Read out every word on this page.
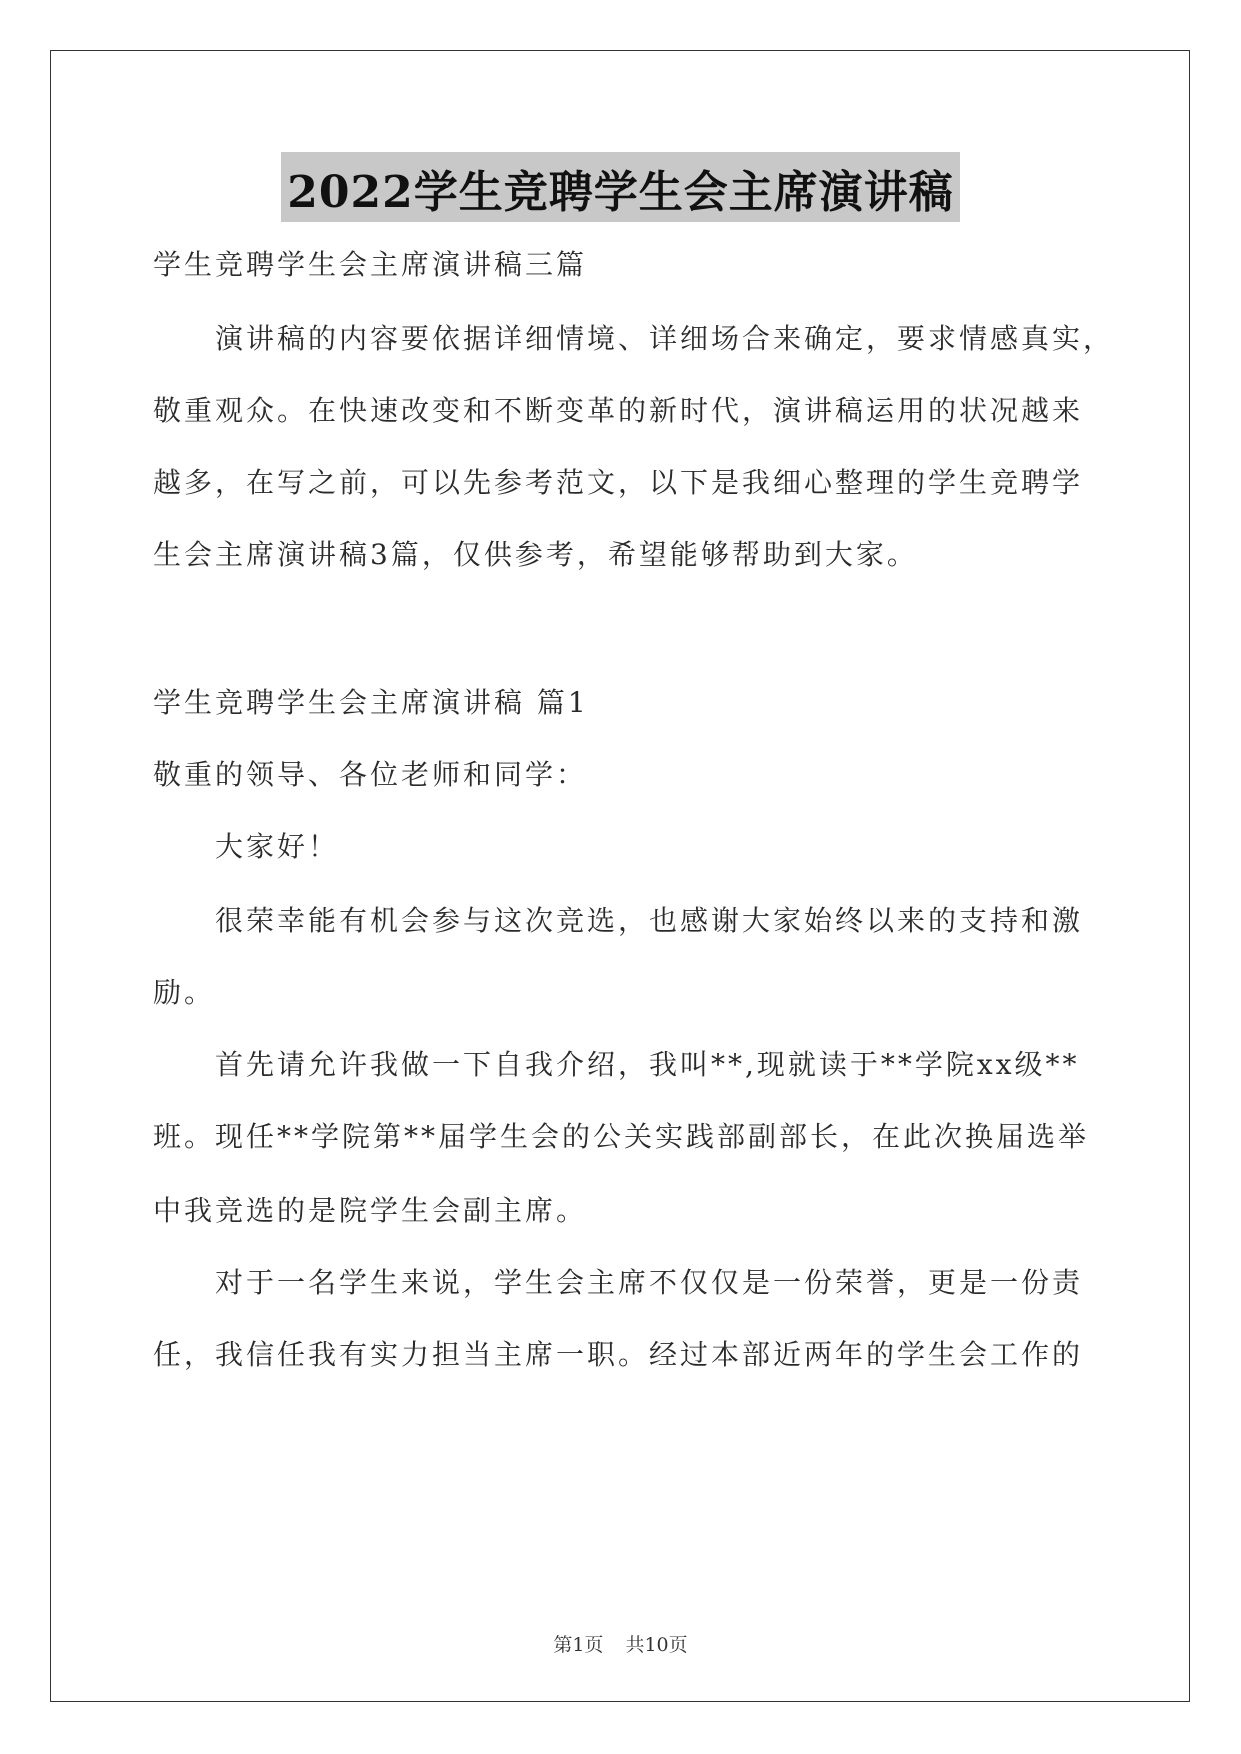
2022学生竞聘学生会主席演讲稿
学生竞聘学生会主席演讲稿三篇
演讲稿的内容要依据详细情境、详细场合来确定，要求情感真实，
敬重观众。在快速改变和不断变革的新时代，演讲稿运用的状况越来
越多，在写之前，可以先参考范文，以下是我细心整理的学生竞聘学
生会主席演讲稿3篇，仅供参考，希望能够帮助到大家。
学生竞聘学生会主席演讲稿 篇1
敬重的领导、各位老师和同学：
大家好！
很荣幸能有机会参与这次竞选，也感谢大家始终以来的支持和激
励。
首先请允许我做一下自我介绍，我叫**,现就读于**学院xx级**
班。现任**学院第**届学生会的公关实践部副部长，在此次换届选举
中我竞选的是院学生会副主席。
对于一名学生来说，学生会主席不仅仅是一份荣誉，更是一份责
任，我信任我有实力担当主席一职。经过本部近两年的学生会工作的
第1页 共10页
